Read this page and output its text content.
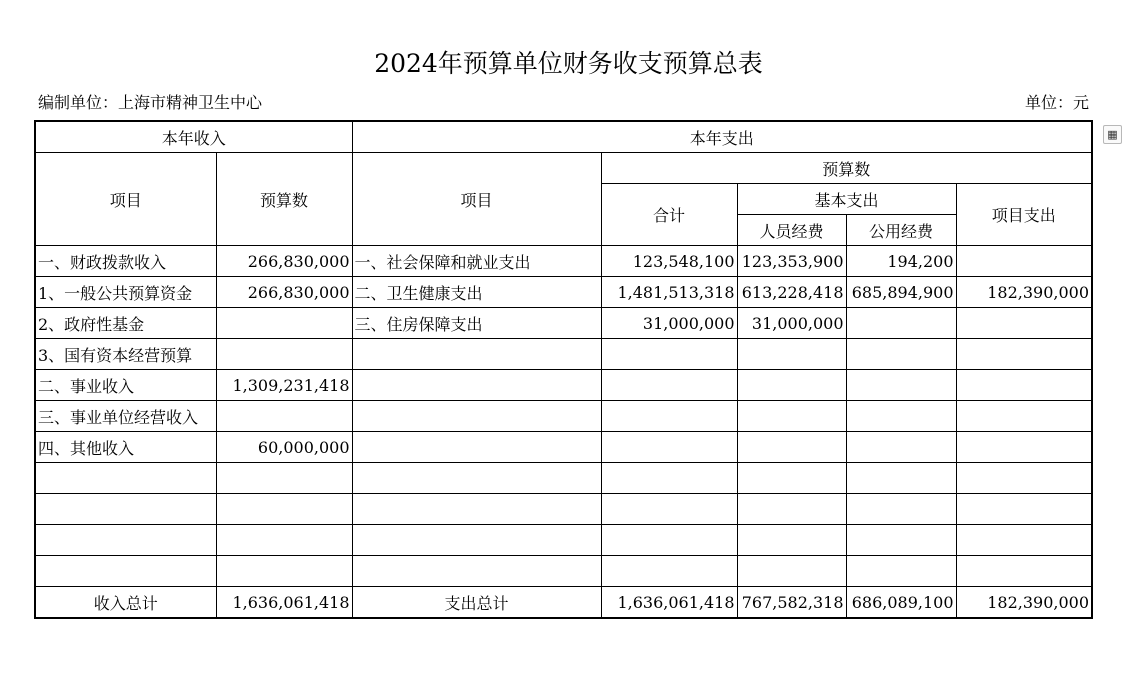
2024年预算单位财务收支预算总表
编制单位：上海市精神卫生中心	单位：元
▦
本年收入		本年支出				
项目	预算数	项目	预算数			
			合计	基本支出		项目支出
				人员经费	公用经费	
一、财政拨款收入	266,830,000	一、社会保障和就业支出	123,548,100	123,353,900	194,200	
1、一般公共预算资金	266,830,000	二、卫生健康支出	1,481,513,318	613,228,418	685,894,900	182,390,000
2、政府性基金		三、住房保障支出	31,000,000	31,000,000		
3、国有资本经营预算						
二、事业收入	1,309,231,418					
三、事业单位经营收入						
四、其他收入	60,000,000					

收入总计	1,636,061,418	支出总计	1,636,061,418	767,582,318	686,089,100	182,390,000
